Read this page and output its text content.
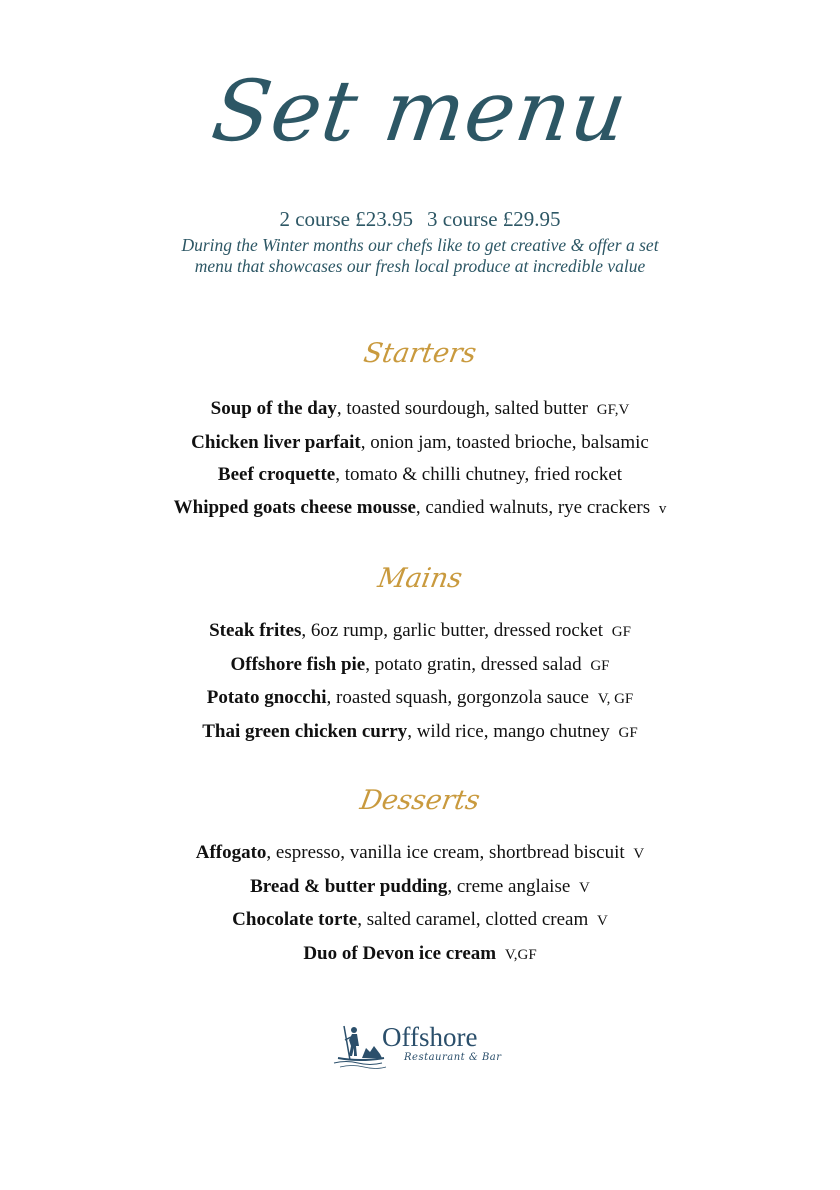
Set menu
2 course £23.95 3 course £29.95
During the Winter months our chefs like to get creative & offer a set menu that showcases our fresh local produce at incredible value
Starters
Soup of the day, toasted sourdough, salted butter GF,V
Chicken liver parfait, onion jam, toasted brioche, balsamic
Beef croquette, tomato & chilli chutney, fried rocket
Whipped goats cheese mousse, candied walnuts, rye crackers v
Mains
Steak frites, 6oz rump, garlic butter, dressed rocket GF
Offshore fish pie, potato gratin, dressed salad GF
Potato gnocchi, roasted squash, gorgonzola sauce V, GF
Thai green chicken curry, wild rice, mango chutney GF
Desserts
Affogato, espresso, vanilla ice cream, shortbread biscuit V
Bread & butter pudding, creme anglaise V
Chocolate torte, salted caramel, clotted cream V
Duo of Devon ice cream V,GF
Offshore
Restaurant & Bar
